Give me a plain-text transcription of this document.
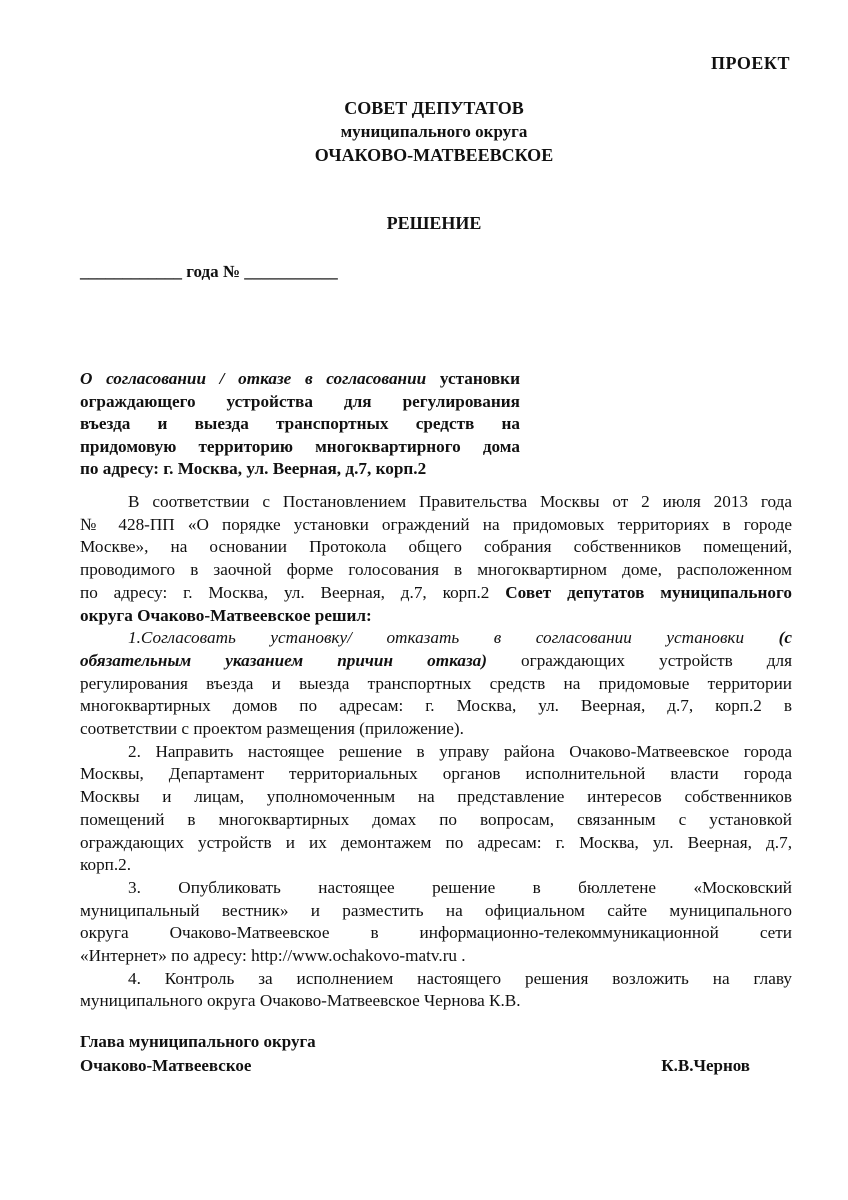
ПРОЕКТ
СОВЕТ ДЕПУТАТОВ
муниципального округа
ОЧАКОВО-МАТВЕЕВСКОЕ
РЕШЕНИЕ
____________ года № ___________
О согласовании / отказе в согласовании установки
ограждающего устройства для регулирования
въезда и выезда транспортных средств на
придомовую территорию многоквартирного дома
по адресу: г. Москва, ул. Веерная, д.7, корп.2
В соответствии с Постановлением Правительства Москвы от 2 июля 2013 года
№ 428-ПП «О порядке установки ограждений на придомовых территориях в городе
Москве», на основании Протокола общего собрания собственников помещений,
проводимого в заочной форме голосования в многоквартирном доме, расположенном
по адресу: г. Москва, ул. Веерная, д.7, корп.2 Совет депутатов муниципального
округа Очаково-Матвеевское решил:
1.Согласовать установку/ отказать в согласовании установки (с
обязательным указанием причин отказа) ограждающих устройств для
регулирования въезда и выезда транспортных средств на придомовые территории
многоквартирных домов по адресам: г. Москва, ул. Веерная, д.7, корп.2 в
соответствии с проектом размещения (приложение).
2. Направить настоящее решение в управу района Очаково-Матвеевское города
Москвы, Департамент территориальных органов исполнительной власти города
Москвы и лицам, уполномоченным на представление интересов собственников
помещений в многоквартирных домах по вопросам, связанным с установкой
ограждающих устройств и их демонтажем по адресам: г. Москва, ул. Веерная, д.7,
корп.2.
3. Опубликовать настоящее решение в бюллетене «Московский
муниципальный вестник» и разместить на официальном сайте муниципального
округа Очаково-Матвеевское в информационно-телекоммуникационной сети
«Интернет» по адресу: http://www.ochakovo-matv.ru .
4. Контроль за исполнением настоящего решения возложить на главу
муниципального округа Очаково-Матвеевское Чернова К.В.
Глава муниципального округа
Очаково-Матвеевское	К.В.Чернов
